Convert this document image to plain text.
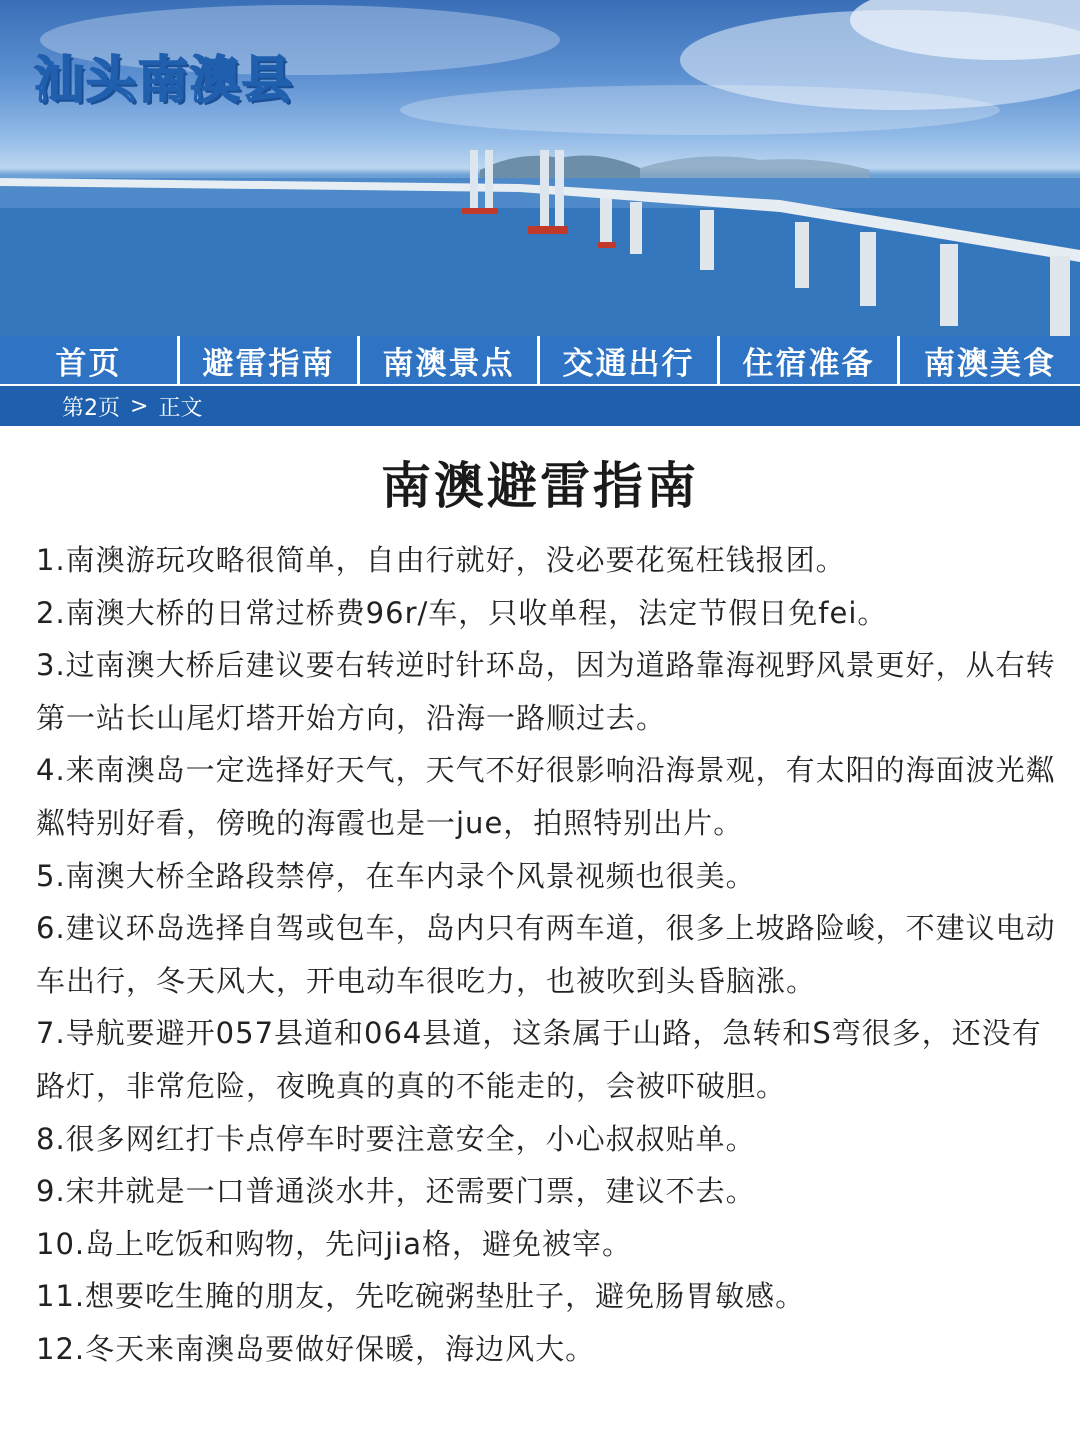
汕头南澳县
首页	避雷指南	南澳景点	交通出行	住宿准备	南澳美食
第2页 > 正文
南澳避雷指南

1.南澳游玩攻略很简单，自由行就好，没必要花冤枉钱报团。

2.南澳大桥的日常过桥费96r/车，只收单程，法定节假日免fei。

3.过南澳大桥后建议要右转逆时针环岛，因为道路靠海视野风景更好，从右转第一站长山尾灯塔开始方向，沿海一路顺过去。

4.来南澳岛一定选择好天气，天气不好很影响沿海景观，有太阳的海面波光粼粼特别好看，傍晚的海霞也是一jue，拍照特别出片。

5.南澳大桥全路段禁停，在车内录个风景视频也很美。

6.建议环岛选择自驾或包车，岛内只有两车道，很多上坡路险峻，不建议电动车出行，冬天风大，开电动车很吃力，也被吹到头昏脑涨。

7.导航要避开057县道和064县道，这条属于山路，急转和S弯很多，还没有路灯，非常危险，夜晚真的真的不能走的，会被吓破胆。

8.很多网红打卡点停车时要注意安全，小心叔叔贴单。

9.宋井就是一口普通淡水井，还需要门票，建议不去。

10.岛上吃饭和购物，先问jia格，避免被宰。

11.想要吃生腌的朋友，先吃碗粥垫肚子，避免肠胃敏感。

12.冬天来南澳岛要做好保暖，海边风大。
